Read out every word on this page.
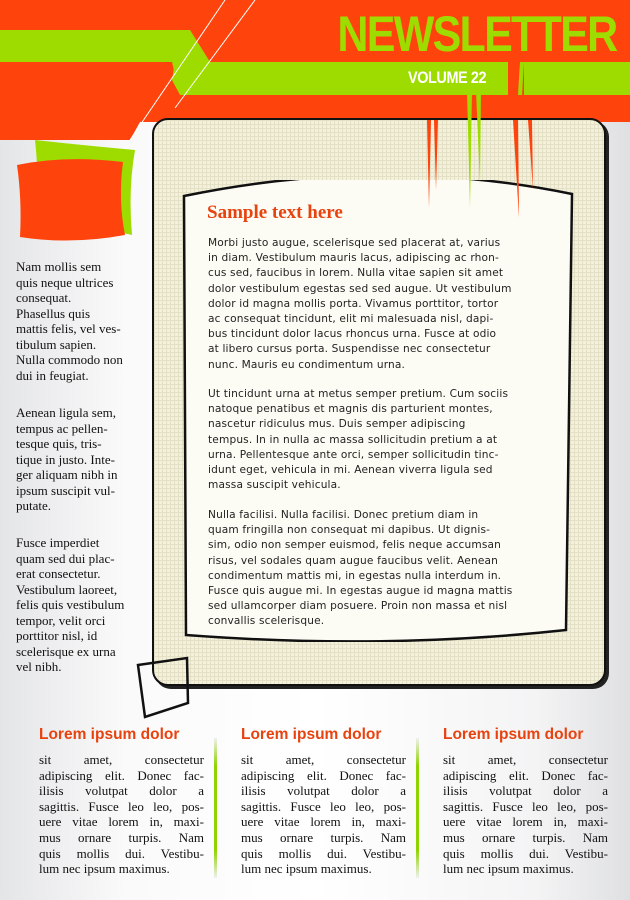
NEWSLETTER
VOLUME 22
Sample text here
Morbi justo augue, scelerisque sed placerat at, varius
in diam. Vestibulum mauris lacus, adipiscing ac rhon-
cus sed, faucibus in lorem. Nulla vitae sapien sit amet
dolor vestibulum egestas sed sed augue. Ut vestibulum
dolor id magna mollis porta. Vivamus porttitor, tortor
ac consequat tincidunt, elit mi malesuada nisl, dapi-
bus tincidunt dolor lacus rhoncus urna. Fusce at odio
at libero cursus porta. Suspendisse nec consectetur
nunc. Mauris eu condimentum urna.
Ut tincidunt urna at metus semper pretium. Cum sociis
natoque penatibus et magnis dis parturient montes,
nascetur ridiculus mus. Duis semper adipiscing
tempus. In in nulla ac massa sollicitudin pretium a at
urna. Pellentesque ante orci, semper sollicitudin tinc-
idunt eget, vehicula in mi. Aenean viverra ligula sed
massa suscipit vehicula.
Nulla facilisi. Nulla facilisi. Donec pretium diam in
quam fringilla non consequat mi dapibus. Ut dignis-
sim, odio non semper euismod, felis neque accumsan
risus, vel sodales quam augue faucibus velit. Aenean
condimentum mattis mi, in egestas nulla interdum in.
Fusce quis augue mi. In egestas augue id magna mattis
sed ullamcorper diam posuere. Proin non massa et nisl
convallis scelerisque.
Nam mollis sem
quis neque ultrices
consequat.
Phasellus quis
mattis felis, vel ves-
tibulum sapien.
Nulla commodo non
dui in feugiat.
Aenean ligula sem,
tempus ac pellen-
tesque quis, tris-
tique in justo. Inte-
ger aliquam nibh in
ipsum suscipit vul-
putate.
Fusce imperdiet
quam sed dui plac-
erat consectetur.
Vestibulum laoreet,
felis quis vestibulum
tempor, velit orci
porttitor nisl, id
scelerisque ex urna
vel nibh.
Lorem ipsum dolor
sit amet, consectetur
adipiscing elit. Donec fac-
ilisis volutpat dolor a
sagittis. Fusce leo leo, pos-
uere vitae lorem in, maxi-
mus ornare turpis. Nam
quis mollis dui. Vestibu-
lum nec ipsum maximus.
Lorem ipsum dolor
sit amet, consectetur
adipiscing elit. Donec fac-
ilisis volutpat dolor a
sagittis. Fusce leo leo, pos-
uere vitae lorem in, maxi-
mus ornare turpis. Nam
quis mollis dui. Vestibu-
lum nec ipsum maximus.
Lorem ipsum dolor
sit amet, consectetur
adipiscing elit. Donec fac-
ilisis volutpat dolor a
sagittis. Fusce leo leo, pos-
uere vitae lorem in, maxi-
mus ornare turpis. Nam
quis mollis dui. Vestibu-
lum nec ipsum maximus.
